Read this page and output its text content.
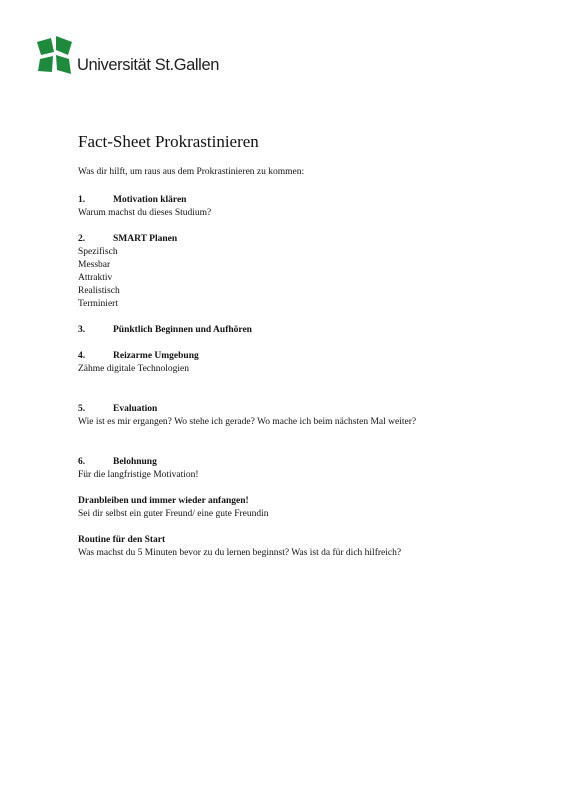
Universität St.Gallen
Fact-Sheet Prokrastinieren

Was dir hilft, um raus aus dem Prokrastinieren zu kommen:

1.	Motivation klären
Warum machst du dieses Studium?
2.	SMART Planen
Spezifisch
Messbar
Attraktiv
Realistisch
Terminiert
3.	Pünktlich Beginnen und Aufhören
4.	Reizarme Umgebung
Zähme digitale Technologien
5.	Evaluation
Wie ist es mir ergangen? Wo stehe ich gerade? Wo mache ich beim nächsten Mal weiter?
6.	Belohnung
Für die langfristige Motivation!
Dranbleiben und immer wieder anfangen!
Sei dir selbst ein guter Freund/ eine gute Freundin
Routine für den Start
Was machst du 5 Minuten bevor zu du lernen beginnst? Was ist da für dich hilfreich?
